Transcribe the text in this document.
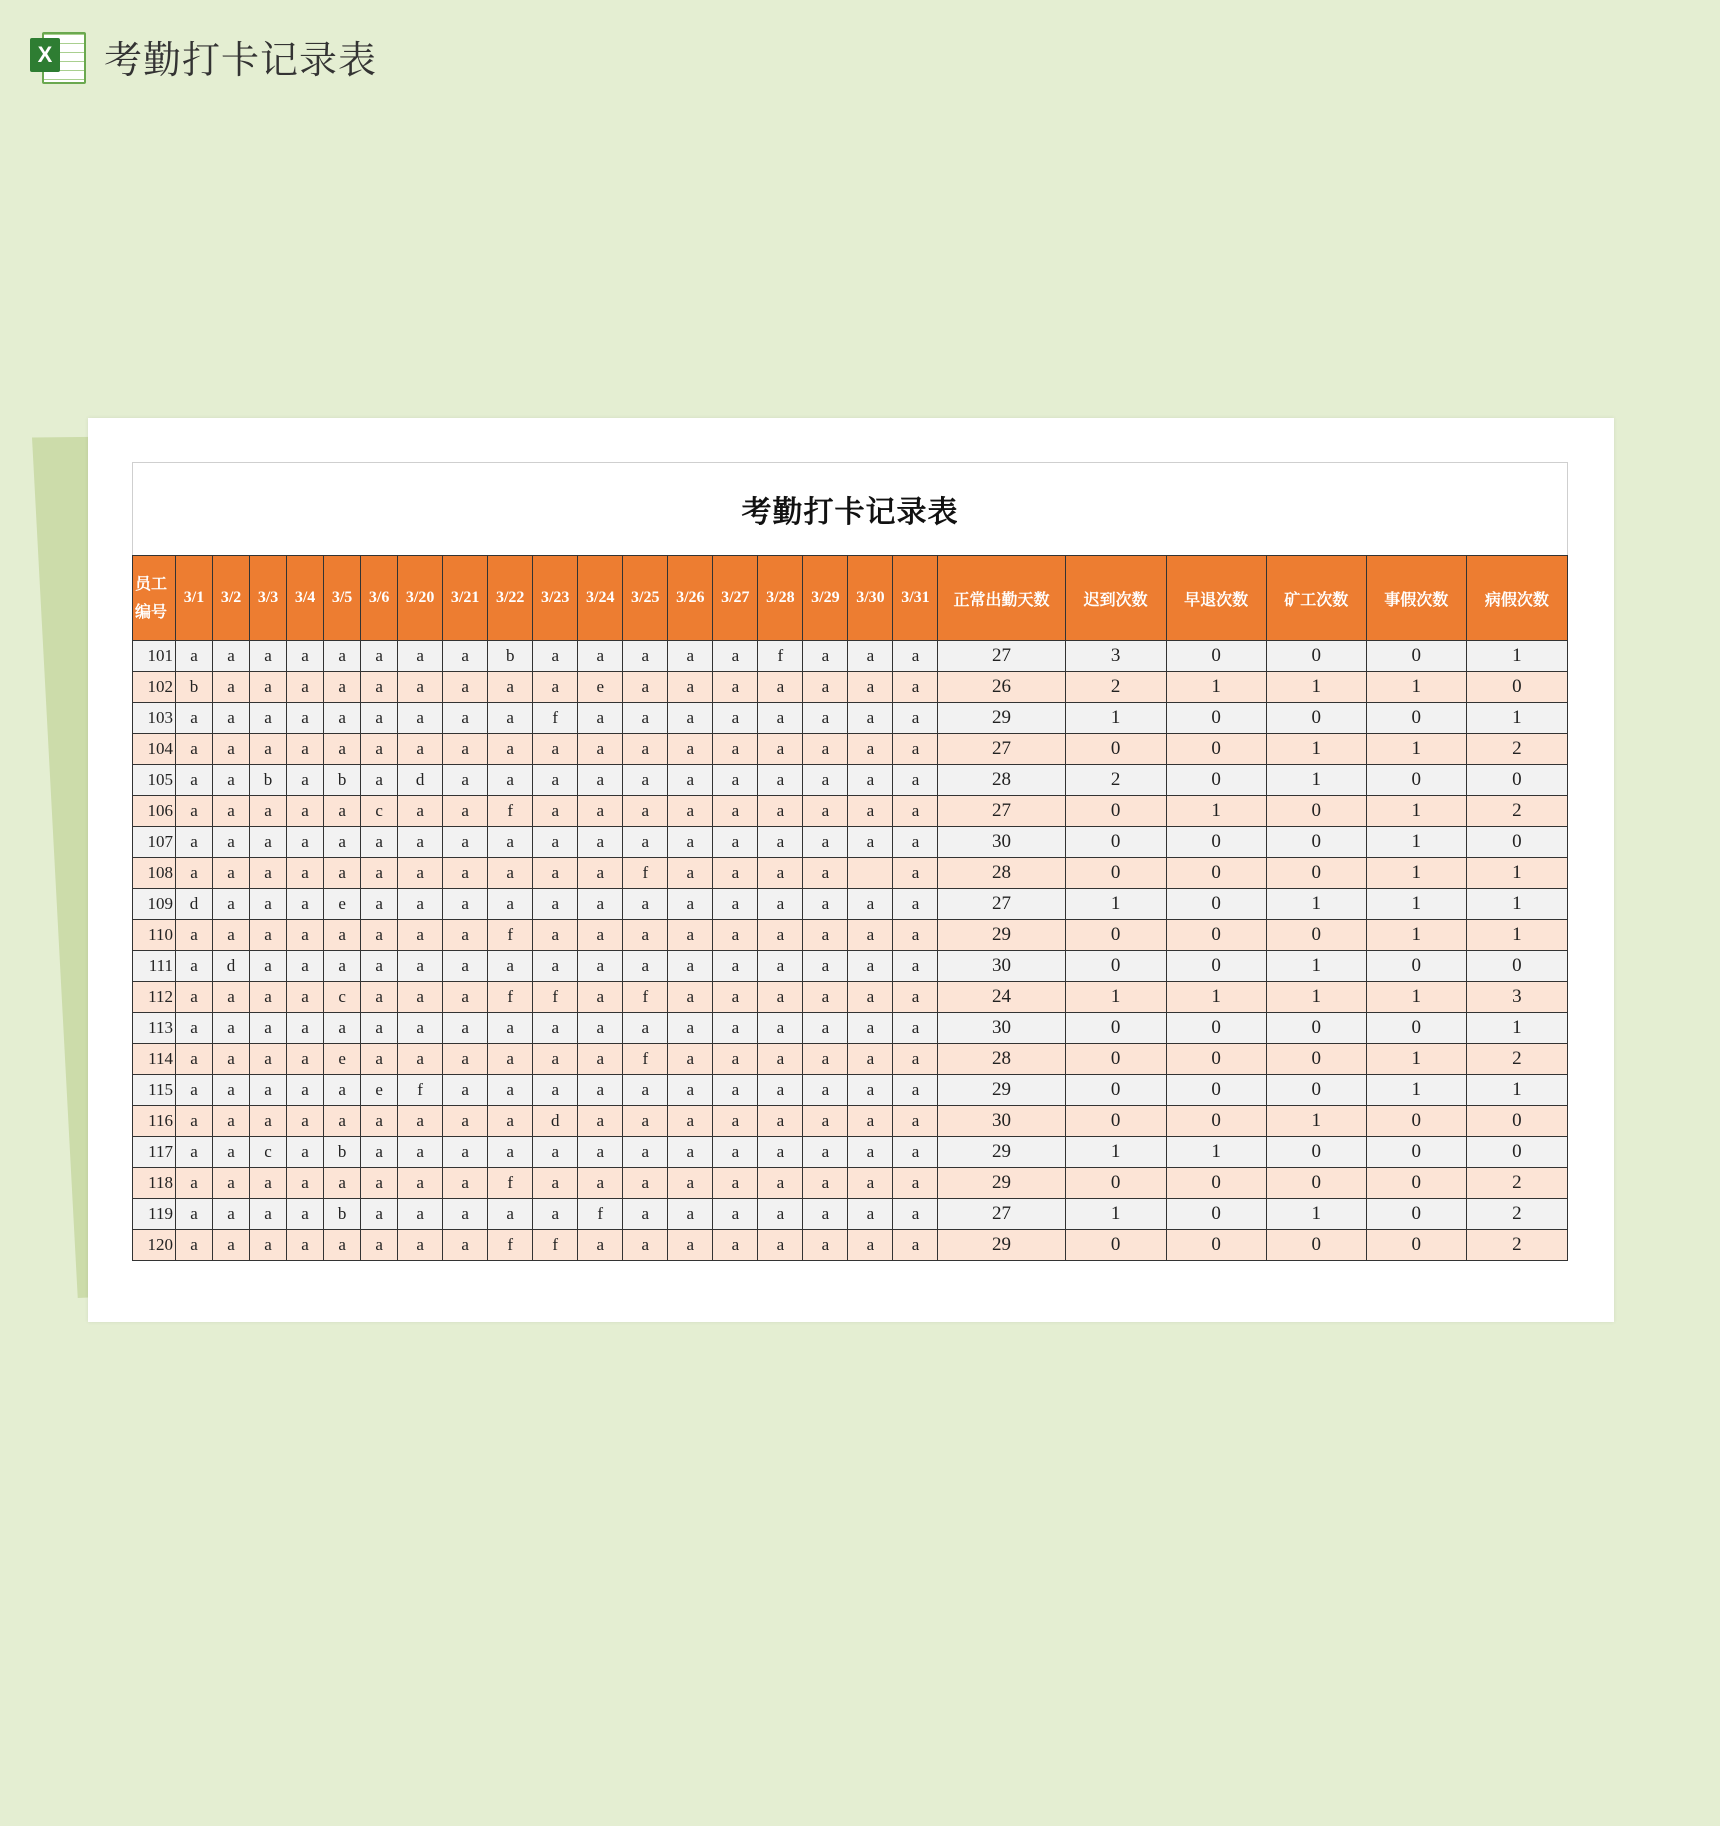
X 考勤打卡记录表
考勤打卡记录表
员工编号	3/1	3/2	3/3	3/4	3/5	3/6	3/20	3/21	3/22	3/23	3/24	3/25	3/26	3/27	3/28	3/29	3/30	3/31	正常出勤天数	迟到次数	早退次数	矿工次数	事假次数	病假次数
101	a	a	a	a	a	a	a	a	b	a	a	a	a	a	f	a	a	a	27	3	0	0	0	1
102	b	a	a	a	a	a	a	a	a	a	e	a	a	a	a	a	a	a	26	2	1	1	1	0
103	a	a	a	a	a	a	a	a	a	f	a	a	a	a	a	a	a	a	29	1	0	0	0	1
104	a	a	a	a	a	a	a	a	a	a	a	a	a	a	a	a	a	a	27	0	0	1	1	2
105	a	a	b	a	b	a	d	a	a	a	a	a	a	a	a	a	a	a	28	2	0	1	0	0
106	a	a	a	a	a	c	a	a	f	a	a	a	a	a	a	a	a	a	27	0	1	0	1	2
107	a	a	a	a	a	a	a	a	a	a	a	a	a	a	a	a	a	a	30	0	0	0	1	0
108	a	a	a	a	a	a	a	a	a	a	a	f	a	a	a	a		a	28	0	0	0	1	1
109	d	a	a	a	e	a	a	a	a	a	a	a	a	a	a	a	a	a	27	1	0	1	1	1
110	a	a	a	a	a	a	a	a	f	a	a	a	a	a	a	a	a	a	29	0	0	0	1	1
111	a	d	a	a	a	a	a	a	a	a	a	a	a	a	a	a	a	a	30	0	0	1	0	0
112	a	a	a	a	c	a	a	a	f	f	a	f	a	a	a	a	a	a	24	1	1	1	1	3
113	a	a	a	a	a	a	a	a	a	a	a	a	a	a	a	a	a	a	30	0	0	0	0	1
114	a	a	a	a	e	a	a	a	a	a	a	f	a	a	a	a	a	a	28	0	0	0	1	2
115	a	a	a	a	a	e	f	a	a	a	a	a	a	a	a	a	a	a	29	0	0	0	1	1
116	a	a	a	a	a	a	a	a	a	d	a	a	a	a	a	a	a	a	30	0	0	1	0	0
117	a	a	c	a	b	a	a	a	a	a	a	a	a	a	a	a	a	a	29	1	1	0	0	0
118	a	a	a	a	a	a	a	a	f	a	a	a	a	a	a	a	a	a	29	0	0	0	0	2
119	a	a	a	a	b	a	a	a	a	a	f	a	a	a	a	a	a	a	27	1	0	1	0	2
120	a	a	a	a	a	a	a	a	f	f	a	a	a	a	a	a	a	a	29	0	0	0	0	2
